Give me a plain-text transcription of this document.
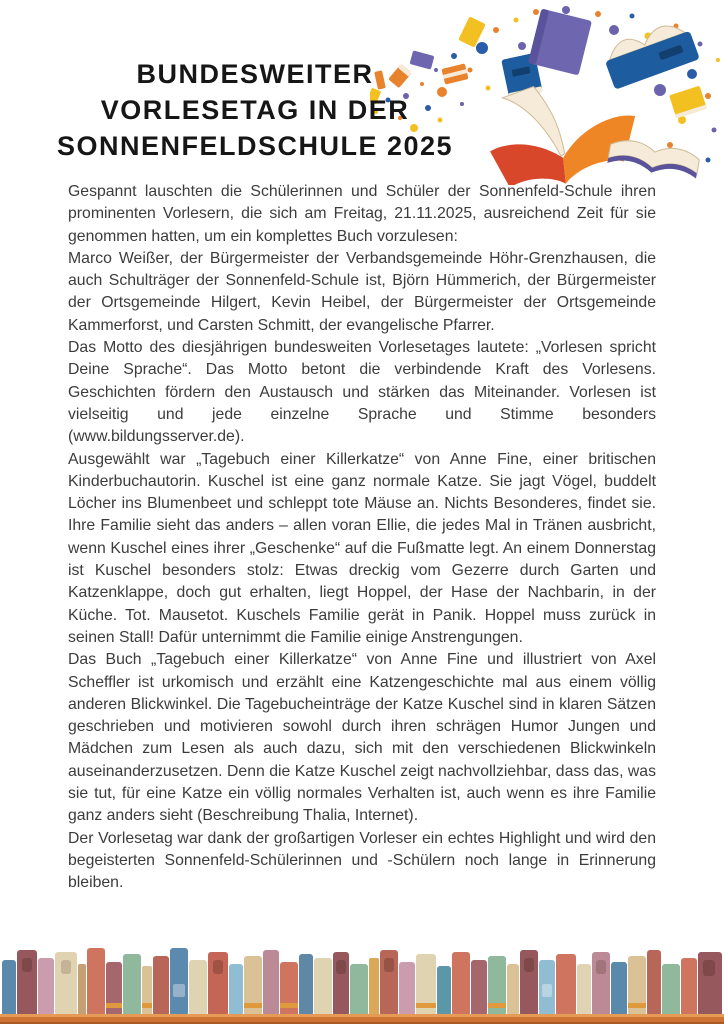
BUNDESWEITER
VORLESETAG IN DER
SONNENFELDSCHULE 2025

Gespannt lauschten die Schülerinnen und Schüler der Sonnenfeld-Schule ihren prominenten Vorlesern, die sich am Freitag, 21.11.2025, ausreichend Zeit für sie genommen hatten, um ein komplettes Buch vorzulesen:

Marco Weißer, der Bürgermeister der Verbandsgemeinde Höhr-Grenzhausen, die auch Schulträger der Sonnenfeld-Schule ist, Björn Hümmerich, der Bürgermeister der Ortsgemeinde Hilgert, Kevin Heibel, der Bürgermeister der Ortsgemeinde Kammerforst, und Carsten Schmitt, der evangelische Pfarrer.

Das Motto des diesjährigen bundesweiten Vorlesetages lautete: „Vorlesen spricht Deine Sprache“. Das Motto betont die verbindende Kraft des Vorlesens. Geschichten fördern den Austausch und stärken das Miteinander. Vorlesen ist vielseitig und jede einzelne Sprache und Stimme besonders (www.bildungsserver.de).

Ausgewählt war „Tagebuch einer Killerkatze“ von Anne Fine, einer britischen Kinderbuchautorin. Kuschel ist eine ganz normale Katze. Sie jagt Vögel, buddelt Löcher ins Blumenbeet und schleppt tote Mäuse an. Nichts Besonderes, findet sie. Ihre Familie sieht das anders – allen voran Ellie, die jedes Mal in Tränen ausbricht, wenn Kuschel eines ihrer „Geschenke“ auf die Fußmatte legt. An einem Donnerstag ist Kuschel besonders stolz: Etwas dreckig vom Gezerre durch Garten und Katzenklappe, doch gut erhalten, liegt Hoppel, der Hase der Nachbarin, in der Küche. Tot. Mausetot. Kuschels Familie gerät in Panik. Hoppel muss zurück in seinen Stall! Dafür unternimmt die Familie einige Anstrengungen.

Das Buch „Tagebuch einer Killerkatze“ von Anne Fine und illustriert von Axel Scheffler ist urkomisch und erzählt eine Katzengeschichte mal aus einem völlig anderen Blickwinkel. Die Tagebucheinträge der Katze Kuschel sind in klaren Sätzen geschrieben und motivieren sowohl durch ihren schrägen Humor Jungen und Mädchen zum Lesen als auch dazu, sich mit den verschiedenen Blickwinkeln auseinanderzusetzen. Denn die Katze Kuschel zeigt nachvollziehbar, dass das, was sie tut, für eine Katze ein völlig normales Verhalten ist, auch wenn es ihre Familie ganz anders sieht (Beschreibung Thalia, Internet).

Der Vorlesetag war dank der großartigen Vorleser ein echtes Highlight und wird den begeisterten Sonnenfeld-Schülerinnen und -Schülern noch lange in Erinnerung bleiben.
